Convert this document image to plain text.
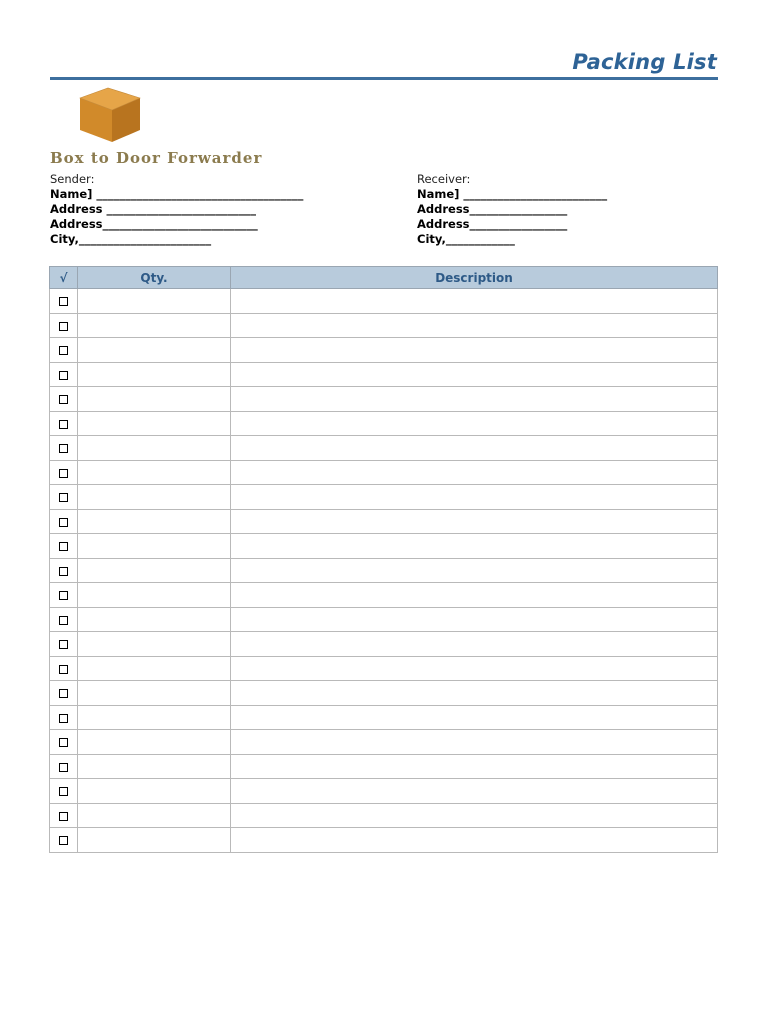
Packing List
Box to Door Forwarder
Sender:
Name] ____________________________________
Address __________________________
Address___________________________
City,_______________________
Receiver:
Name] _________________________
Address_________________
Address_________________
City,____________
√	Qty.	Description
